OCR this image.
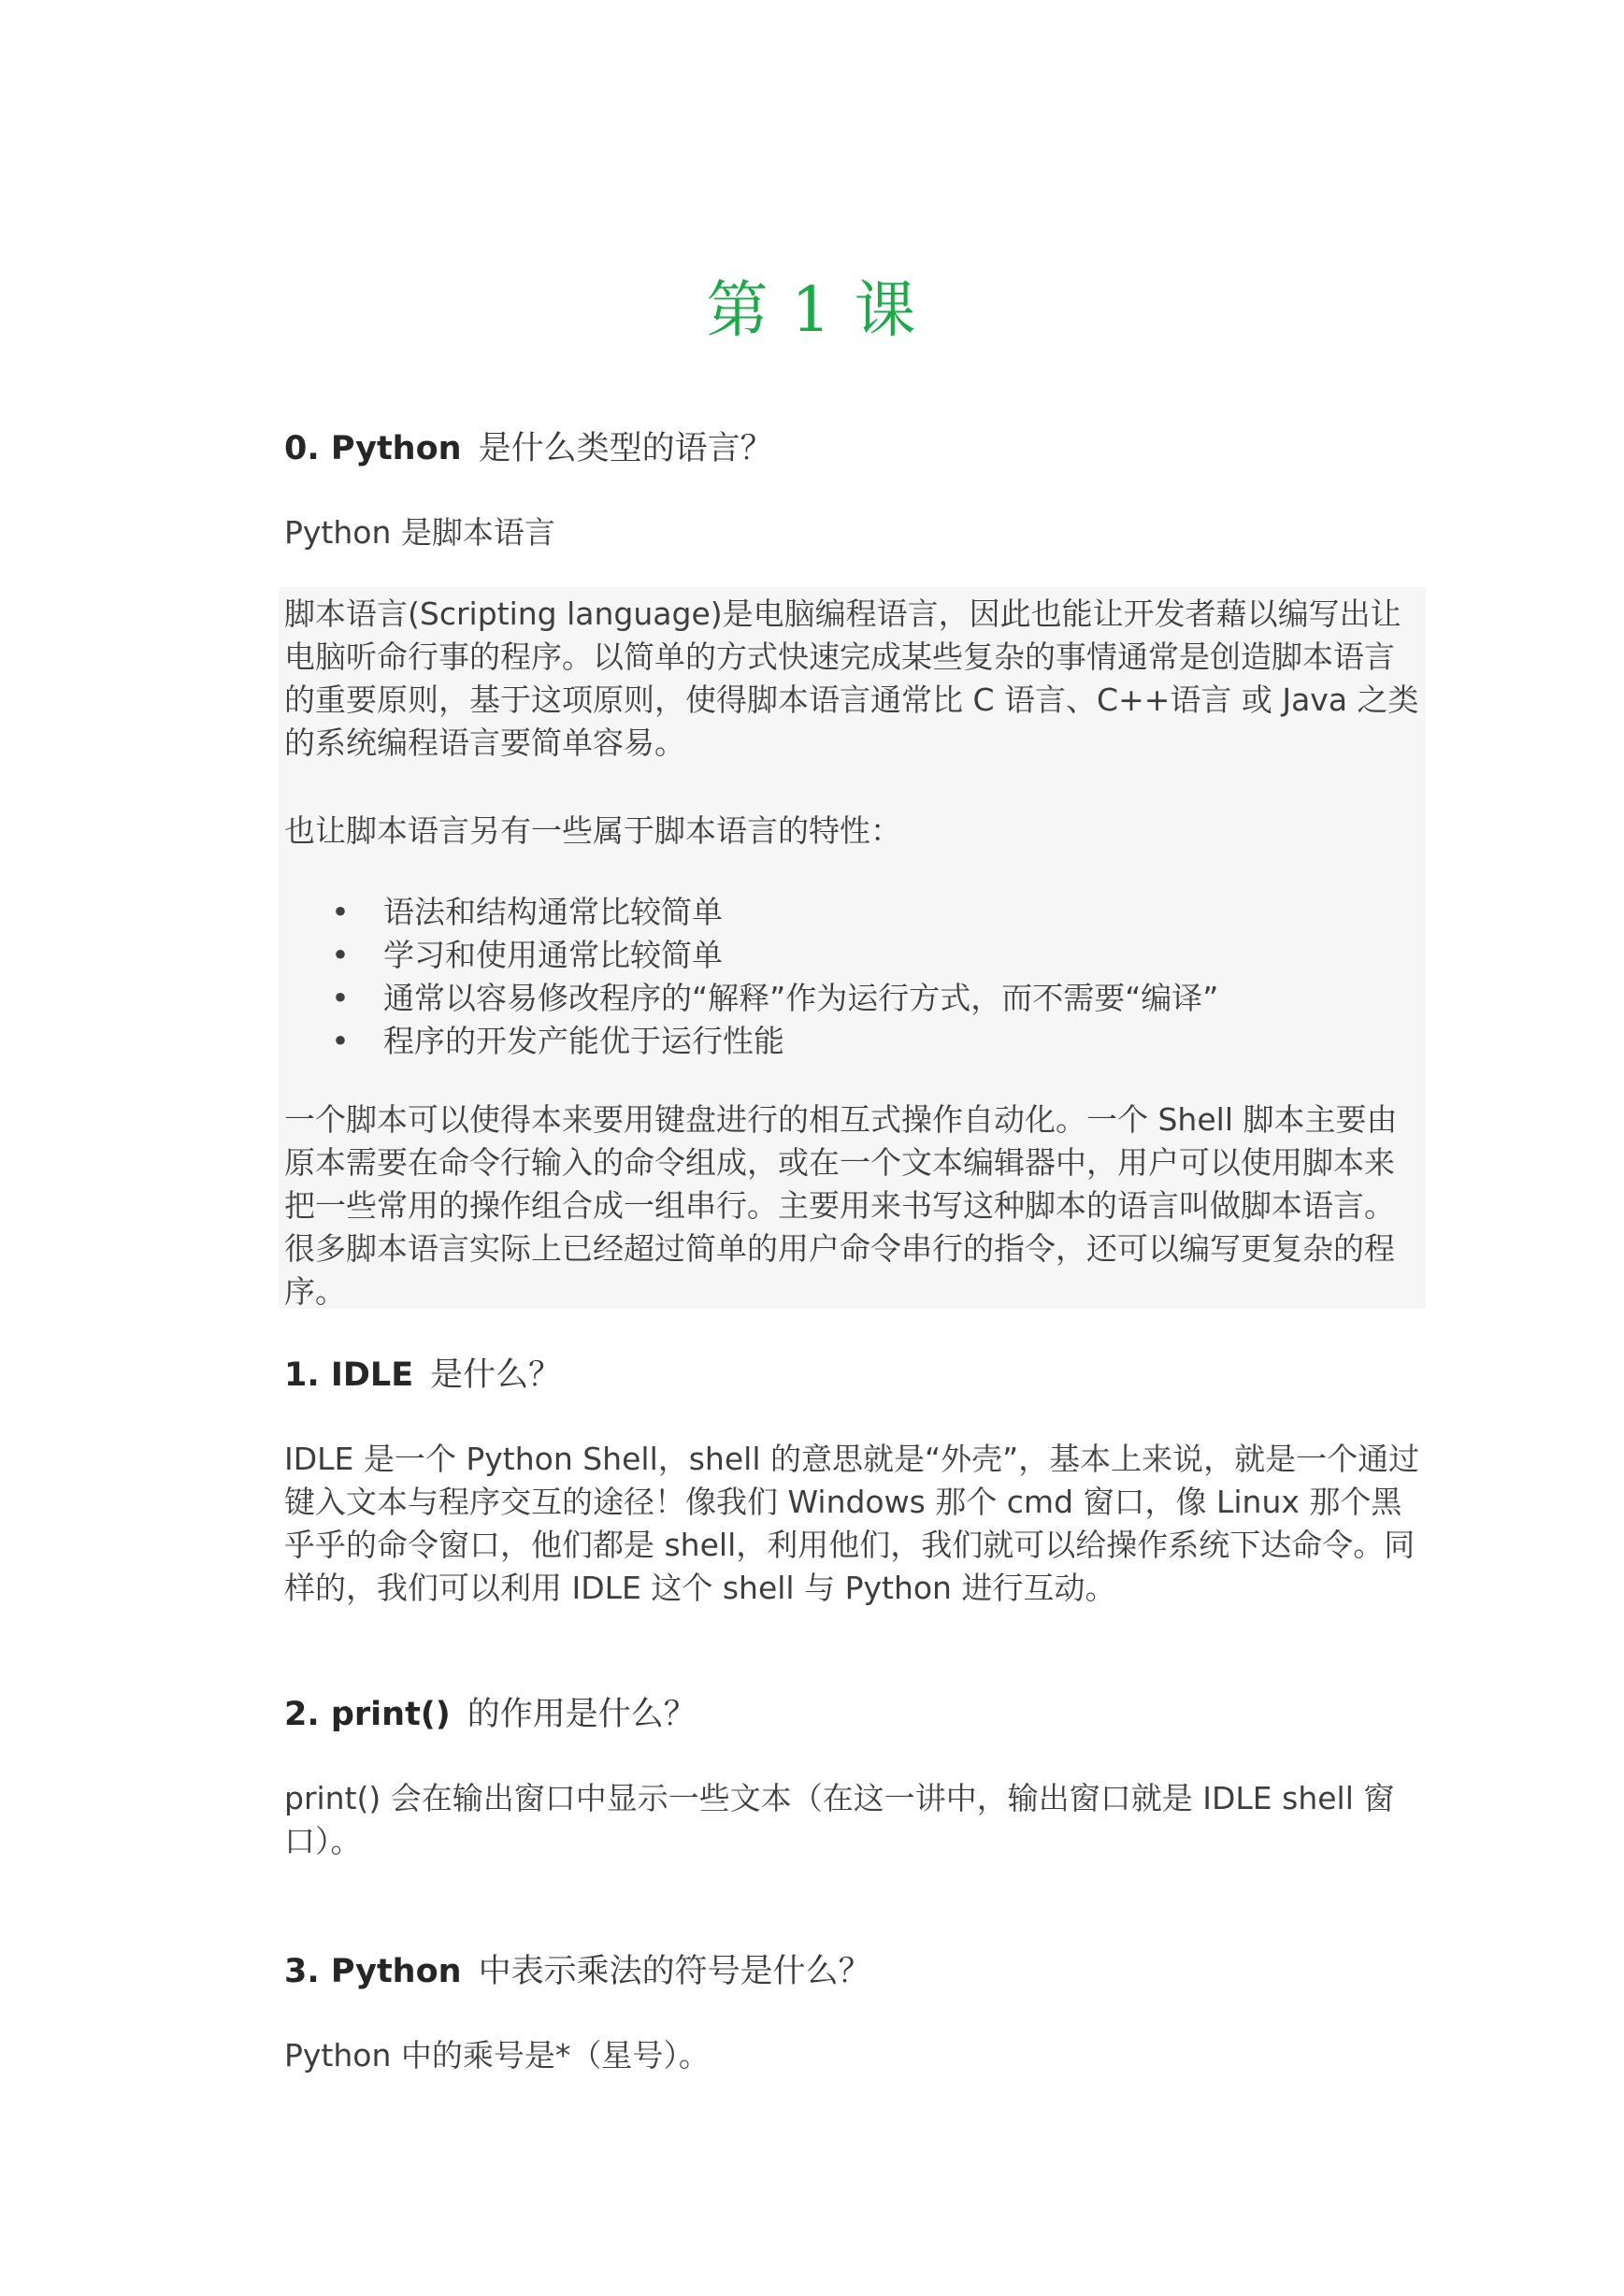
第 1 课
0. Python 是什么类型的语言？
Python 是脚本语言
脚本语言(Scripting language)是电脑编程语言，因此也能让开发者藉以编写出让电脑听命行事的程序。以简单的方式快速完成某些复杂的事情通常是创造脚本语言的重要原则，基于这项原则，使得脚本语言通常比 C 语言、C++语言 或 Java 之类的系统编程语言要简单容易。
也让脚本语言另有一些属于脚本语言的特性：
• 语法和结构通常比较简单
• 学习和使用通常比较简单
• 通常以容易修改程序的“解释”作为运行方式，而不需要“编译”
• 程序的开发产能优于运行性能
一个脚本可以使得本来要用键盘进行的相互式操作自动化。一个 Shell 脚本主要由原本需要在命令行输入的命令组成，或在一个文本编辑器中，用户可以使用脚本来把一些常用的操作组合成一组串行。主要用来书写这种脚本的语言叫做脚本语言。很多脚本语言实际上已经超过简单的用户命令串行的指令，还可以编写更复杂的程序。
1. IDLE 是什么？
IDLE 是一个 Python Shell，shell 的意思就是“外壳”，基本上来说，就是一个通过键入文本与程序交互的途径！像我们 Windows 那个 cmd 窗口，像 Linux 那个黑乎乎的命令窗口，他们都是 shell，利用他们，我们就可以给操作系统下达命令。同样的，我们可以利用 IDLE 这个 shell 与 Python 进行互动。
2. print() 的作用是什么？
print() 会在输出窗口中显示一些文本（在这一讲中，输出窗口就是 IDLE shell 窗口）。
3. Python 中表示乘法的符号是什么？
Python 中的乘号是*（星号）。
